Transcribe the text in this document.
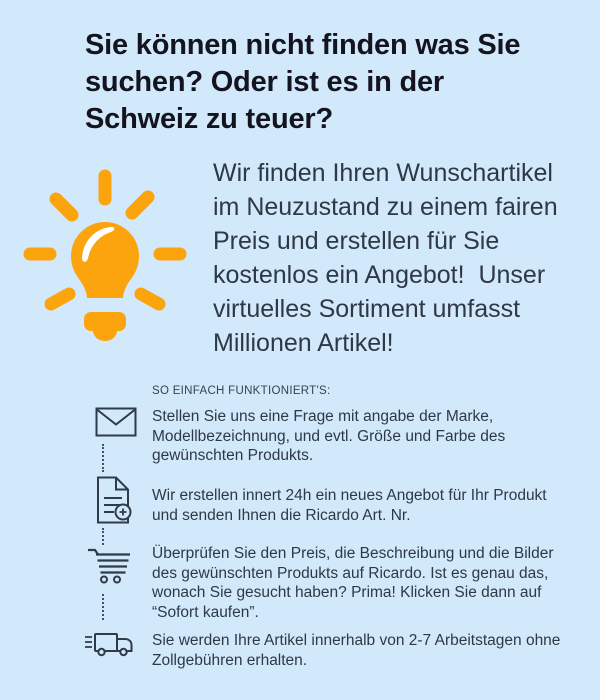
Sie können nicht finden was Sie suchen? Oder ist es in der Schweiz zu teuer?

Wir finden Ihren Wunschartikel im Neuzustand zu einem fairen Preis und erstellen für Sie kostenlos ein Angebot!  Unser virtuelles Sortiment umfasst Millionen Artikel!

SO EINFACH FUNKTIONIERT'S:
Stellen Sie uns eine Frage mit angabe der Marke, Modellbezeichnung, und evtl. Größe und Farbe des gewünschten Produkts.
Wir erstellen innert 24h ein neues Angebot für Ihr Produkt und senden Ihnen die Ricardo Art. Nr.
Überprüfen Sie den Preis, die Beschreibung und die Bilder des gewünschten Produkts auf Ricardo. Ist es genau das, wonach Sie gesucht haben? Prima! Klicken Sie dann auf “Sofort kaufen”.
Sie werden Ihre Artikel innerhalb von 2-7 Arbeitstagen ohne Zollgebühren erhalten.
